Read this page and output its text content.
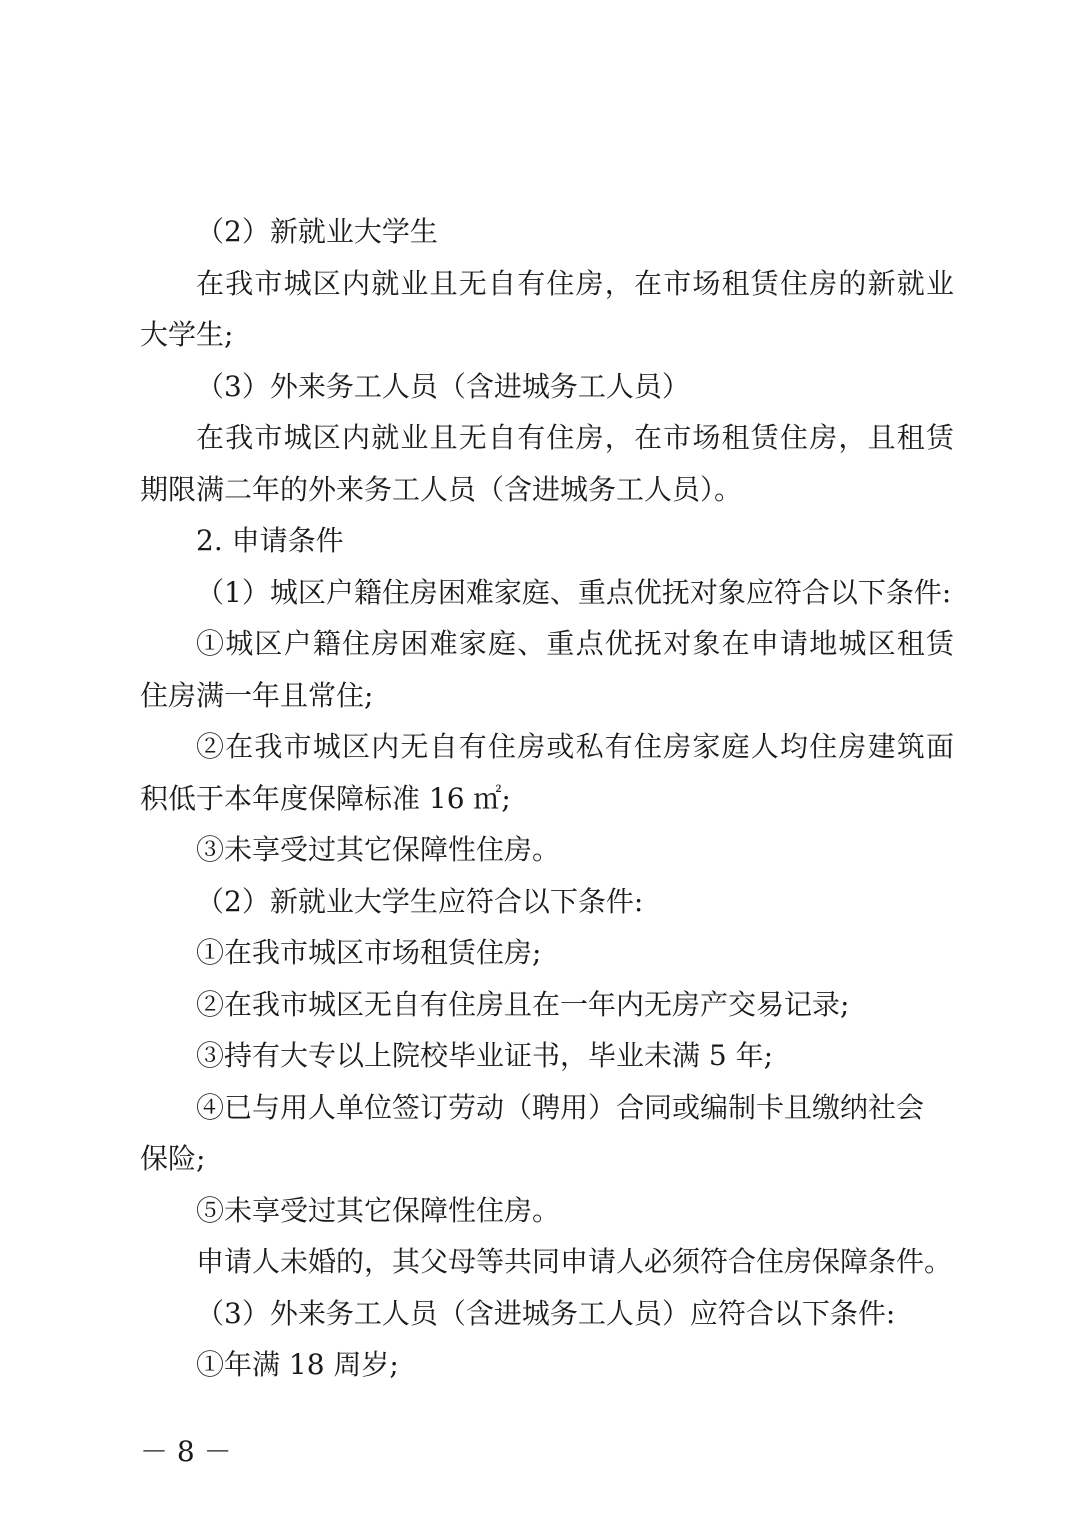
（2）新就业大学生
在我市城区内就业且无自有住房，在市场租赁住房的新就业
大学生;
（3）外来务工人员（含进城务工人员）
在我市城区内就业且无自有住房，在市场租赁住房，且租赁
期限满二年的外来务工人员（含进城务工人员）。
2. 申请条件
（1）城区户籍住房困难家庭、重点优抚对象应符合以下条件:
①城区户籍住房困难家庭、重点优抚对象在申请地城区租赁
住房满一年且常住;
②在我市城区内无自有住房或私有住房家庭人均住房建筑面
积低于本年度保障标准 16 ㎡;
③未享受过其它保障性住房。
（2）新就业大学生应符合以下条件:
①在我市城区市场租赁住房;
②在我市城区无自有住房且在一年内无房产交易记录;
③持有大专以上院校毕业证书，毕业未满 5 年;
④已与用人单位签订劳动（聘用）合同或编制卡且缴纳社会
保险;
⑤未享受过其它保障性住房。
申请人未婚的，其父母等共同申请人必须符合住房保障条件。
（3）外来务工人员（含进城务工人员）应符合以下条件:
①年满 18 周岁;
－ 8 －
